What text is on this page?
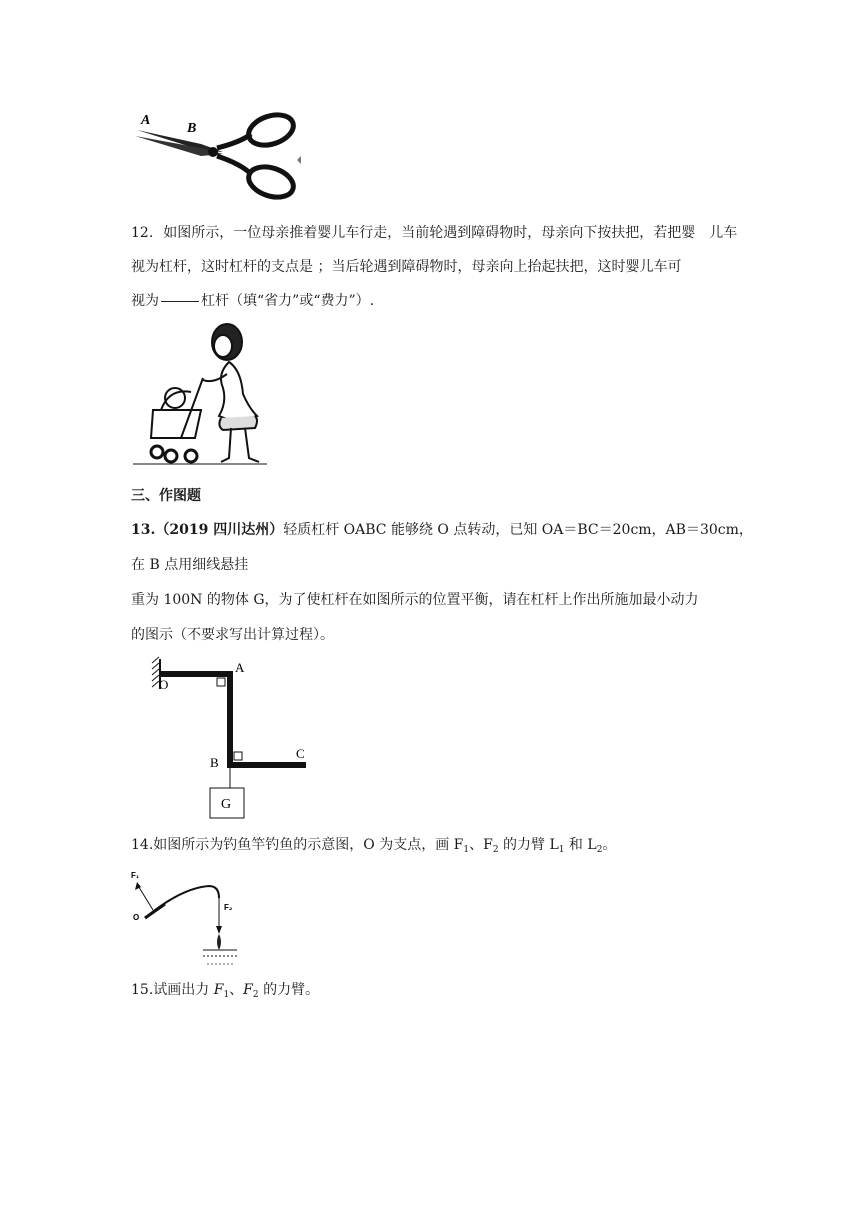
A
B

12. 如图所示，一位母亲推着婴儿车行走，当前轮遇到障碍物时，母亲向下按扶把，若把婴　儿车

视为杠杆，这时杠杆的支点是 ；当后轮遇到障碍物时，母亲向上抬起扶把，这时婴儿车可

视为	杠杆（填“省力”或“费力”）.

三、作图题

13.（2019 四川达州）轻质杠杆 OABC 能够绕 O 点转动，已知 OA＝BC＝20cm，AB＝30cm，

在 B 点用细线悬挂

重为 100N 的物体 G，为了使杠杆在如图所示的位置平衡，请在杠杆上作出所施加最小动力

的图示（不要求写出计算过程）。

G
O
A
B
C

14.如图所示为钓鱼竿钓鱼的示意图，O 为支点，画 $F_1$、$F_2$ 的力臂 $L_1$ 和 $L_2$。

F₁
F₂
O

15.试画出力 $F_1$、$F_2$ 的力臂。
